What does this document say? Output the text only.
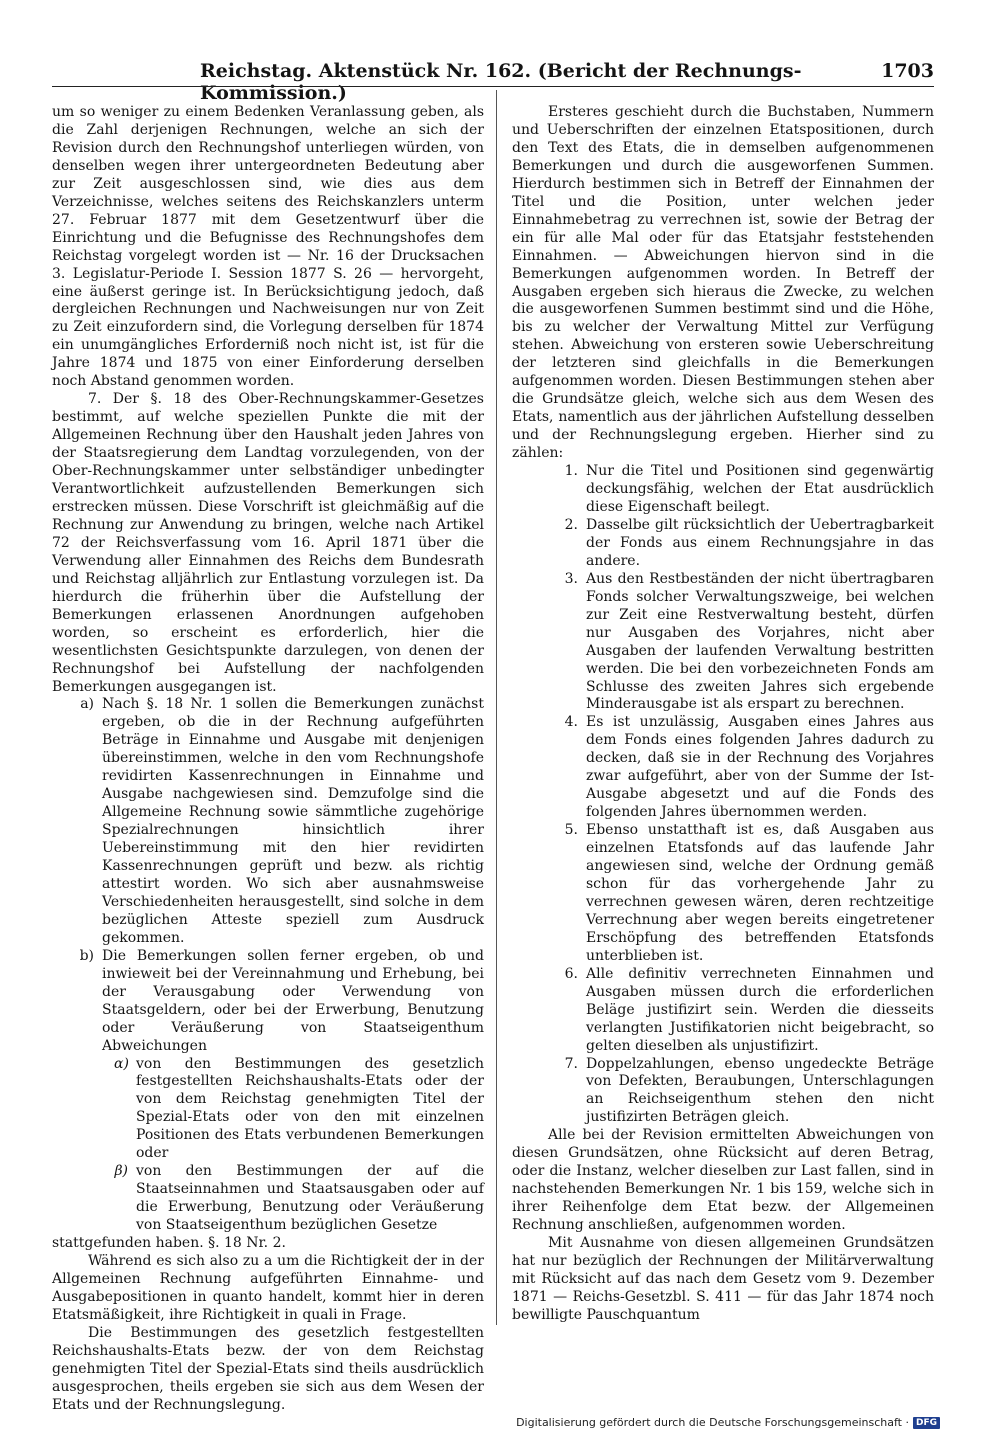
Reichstag. Aktenstück Nr. 162. (Bericht der Rechnungs-Kommission.)
1703

um so weniger zu einem Bedenken Veranlassung geben, als die Zahl derjenigen Rechnungen, welche an sich der Revision durch den Rechnungshof unterliegen würden, von denselben wegen ihrer untergeordneten Bedeutung aber zur Zeit ausgeschlossen sind, wie dies aus dem Verzeichnisse, welches seitens des Reichskanzlers unterm 27. Februar 1877 mit dem Gesetzentwurf über die Einrichtung und die Befugnisse des Rechnungshofes dem Reichstag vorgelegt worden ist — Nr. 16 der Drucksachen 3. Legislatur-Periode I. Session 1877 S. 26 — hervorgeht, eine äußerst geringe ist. In Berücksichtigung jedoch, daß dergleichen Rechnungen und Nachweisungen nur von Zeit zu Zeit einzufordern sind, die Vorlegung derselben für 1874 ein unumgängliches Erforderniß noch nicht ist, ist für die Jahre 1874 und 1875 von einer Einforderung derselben noch Abstand genommen worden.

7. Der §. 18 des Ober-Rechnungskammer-Gesetzes bestimmt, auf welche speziellen Punkte die mit der Allgemeinen Rechnung über den Haushalt jeden Jahres von der Staatsregierung dem Landtag vorzulegenden, von der Ober-Rechnungskammer unter selbständiger unbedingter Verantwortlichkeit aufzustellenden Bemerkungen sich erstrecken müssen. Diese Vorschrift ist gleichmäßig auf die Rechnung zur Anwendung zu bringen, welche nach Artikel 72 der Reichsverfassung vom 16. April 1871 über die Verwendung aller Einnahmen des Reichs dem Bundesrath und Reichstag alljährlich zur Entlastung vorzulegen ist. Da hierdurch die früherhin über die Aufstellung der Bemerkungen erlassenen Anordnungen aufgehoben worden, so erscheint es erforderlich, hier die wesentlichsten Gesichtspunkte darzulegen, von denen der Rechnungshof bei Aufstellung der nachfolgenden Bemerkungen ausgegangen ist.

a) Nach §. 18 Nr. 1 sollen die Bemerkungen zunächst ergeben, ob die in der Rechnung aufgeführten Beträge in Einnahme und Ausgabe mit denjenigen übereinstimmen, welche in den vom Rechnungshofe revidirten Kassenrechnungen in Einnahme und Ausgabe nachgewiesen sind. Demzufolge sind die Allgemeine Rechnung sowie sämmtliche zugehörige Spezialrechnungen hinsichtlich ihrer Uebereinstimmung mit den hier revidirten Kassenrechnungen geprüft und bezw. als richtig attestirt worden. Wo sich aber ausnahmsweise Verschiedenheiten herausgestellt, sind solche in dem bezüglichen Atteste speziell zum Ausdruck gekommen.
b) Die Bemerkungen sollen ferner ergeben, ob und inwieweit bei der Vereinnahmung und Erhebung, bei der Verausgabung oder Verwendung von Staatsgeldern, oder bei der Erwerbung, Benutzung oder Veräußerung von Staatseigenthum Abweichungen
α) von den Bestimmungen des gesetzlich festgestellten Reichshaushalts-Etats oder der von dem Reichstag genehmigten Titel der Spezial-Etats oder von den mit einzelnen Positionen des Etats verbundenen Bemerkungen oder
β) von den Bestimmungen der auf die Staatseinnahmen und Staatsausgaben oder auf die Erwerbung, Benutzung oder Veräußerung von Staatseigenthum bezüglichen Gesetze

stattgefunden haben. §. 18 Nr. 2.

Während es sich also zu a um die Richtigkeit der in der Allgemeinen Rechnung aufgeführten Einnahme- und Ausgabepositionen in quanto handelt, kommt hier in deren Etatsmäßigkeit, ihre Richtigkeit in quali in Frage.

Die Bestimmungen des gesetzlich festgestellten Reichshaushalts-Etats bezw. der von dem Reichstag genehmigten Titel der Spezial-Etats sind theils ausdrücklich ausgesprochen, theils ergeben sie sich aus dem Wesen der Etats und der Rechnungslegung.

Ersteres geschieht durch die Buchstaben, Nummern und Ueberschriften der einzelnen Etatspositionen, durch den Text des Etats, die in demselben aufgenommenen Bemerkungen und durch die ausgeworfenen Summen. Hierdurch bestimmen sich in Betreff der Einnahmen der Titel und die Position, unter welchen jeder Einnahmebetrag zu verrechnen ist, sowie der Betrag der ein für alle Mal oder für das Etatsjahr feststehenden Einnahmen. — Abweichungen hiervon sind in die Bemerkungen aufgenommen worden. In Betreff der Ausgaben ergeben sich hieraus die Zwecke, zu welchen die ausgeworfenen Summen bestimmt sind und die Höhe, bis zu welcher der Verwaltung Mittel zur Verfügung stehen. Abweichung von ersteren sowie Ueberschreitung der letzteren sind gleichfalls in die Bemerkungen aufgenommen worden. Diesen Bestimmungen stehen aber die Grundsätze gleich, welche sich aus dem Wesen des Etats, namentlich aus der jährlichen Aufstellung desselben und der Rechnungslegung ergeben. Hierher sind zu zählen:

1. Nur die Titel und Positionen sind gegenwärtig deckungsfähig, welchen der Etat ausdrücklich diese Eigenschaft beilegt.
2. Dasselbe gilt rücksichtlich der Uebertragbarkeit der Fonds aus einem Rechnungsjahre in das andere.
3. Aus den Restbeständen der nicht übertragbaren Fonds solcher Verwaltungszweige, bei welchen zur Zeit eine Restverwaltung besteht, dürfen nur Ausgaben des Vorjahres, nicht aber Ausgaben der laufenden Verwaltung bestritten werden. Die bei den vorbezeichneten Fonds am Schlusse des zweiten Jahres sich ergebende Minderausgabe ist als erspart zu berechnen.
4. Es ist unzulässig, Ausgaben eines Jahres aus dem Fonds eines folgenden Jahres dadurch zu decken, daß sie in der Rechnung des Vorjahres zwar aufgeführt, aber von der Summe der Ist-Ausgabe abgesetzt und auf die Fonds des folgenden Jahres übernommen werden.
5. Ebenso unstatthaft ist es, daß Ausgaben aus einzelnen Etatsfonds auf das laufende Jahr angewiesen sind, welche der Ordnung gemäß schon für das vorhergehende Jahr zu verrechnen gewesen wären, deren rechtzeitige Verrechnung aber wegen bereits eingetretener Erschöpfung des betreffenden Etatsfonds unterblieben ist.
6. Alle definitiv verrechneten Einnahmen und Ausgaben müssen durch die erforderlichen Beläge justifizirt sein. Werden die diesseits verlangten Justifikatorien nicht beigebracht, so gelten dieselben als unjustifizirt.
7. Doppelzahlungen, ebenso ungedeckte Beträge von Defekten, Beraubungen, Unterschlagungen an Reichseigenthum stehen den nicht justifizirten Beträgen gleich.

Alle bei der Revision ermittelten Abweichungen von diesen Grundsätzen, ohne Rücksicht auf deren Betrag, oder die Instanz, welcher dieselben zur Last fallen, sind in nachstehenden Bemerkungen Nr. 1 bis 159, welche sich in ihrer Reihenfolge dem Etat bezw. der Allgemeinen Rechnung anschließen, aufgenommen worden.

Mit Ausnahme von diesen allgemeinen Grundsätzen hat nur bezüglich der Rechnungen der Militärverwaltung mit Rücksicht auf das nach dem Gesetz vom 9. Dezember 1871 — Reichs-Gesetzbl. S. 411 — für das Jahr 1874 noch bewilligte Pauschquantum

Digitalisierung gefördert durch die Deutsche Forschungsgemeinschaft · DFG
